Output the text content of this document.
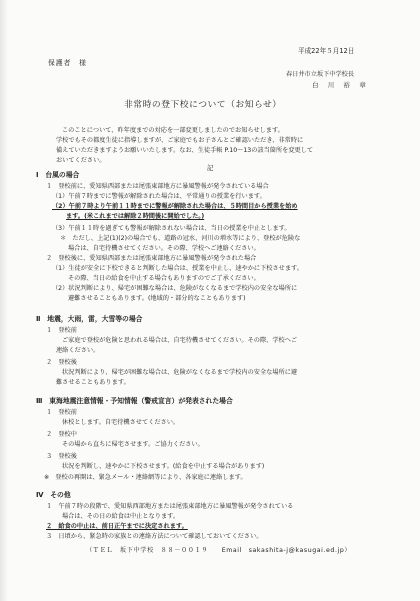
平成22年５月12日
保護者　様
春日井市立坂下中学校長
白　川　裕　章
非常時の登下校について（お知らせ）
このことについて、昨年度までの対応を一部変更しましたのでお知らせします。
学校でもその都度生徒に指導しますが、ご家庭でもお子さんとご確認いただき、非常時に
備えていただきますようお願いいたします。なお、生徒手帳 P.10～13の該当箇所を変更して
おいてください。
記
Ⅰ　台風の場合
１　登校前に、愛知県西部または尾張東部地方に暴風警報が発令されている場合
（1）午前７時までに警報が解除された場合は、平常通りの授業を行います。
（2）午前７時より午前１１時までに警報が解除された場合は、５時間目から授業を始め
ます。(米これまでは解除２時間後に開始でした。)
（3）午前１１時を過ぎても警報が解除されない場合は、当日の授業を中止とします。
＊　ただし、上記(1)(2)の場合でも、道路の冠水、河川の増水等により、登校が危険な
場合は、自宅待機させてください。その際、学校へご連絡ください。
２　登校後に、愛知県西部または尾張東部地方に暴風警報が発令された場合
（1）生徒が安全に下校できると判断した場合は、授業を中止し、速やかに下校させます。
その際、当日の給食を中止する場合もありますのでご了承ください。
（2）状況判断により、帰宅が困難な場合は、危険がなくなるまで学校内の安全な場所に
避難させることもあります。(地域的・部分的なこともあります)
Ⅱ　地震，大雨，雷，大雪等の場合
１　登校前
ご家庭で登校が危険と思われる場合は、自宅待機させてください。その際、学校へご
連絡ください。
２　登校後
状況判断により、帰宅が困難な場合は、危険がなくなるまで学校内の安全な場所に避
難させることもあります。
Ⅲ　東海地震注意情報・予知情報（警戒宣言）が発表された場合
１　登校前
休校とします。自宅待機させてください。
２　登校中
その場から直ちに帰宅させます。ご協力ください。
３　登校後
状況を判断し、速やかに下校させます。(給食を中止する場合があります)
※　登校の再開は、緊急メール・連絡網等により、各家庭に連絡します。
Ⅳ　その他
１　午前７時の段階で、愛知県西部地方または尾張東部地方に暴風警報が発令されている
場合は、その日の給食は中止となります。
２　給食の中止は、前日正午までに決定されます。
３　日頃から、緊急時の家族との連絡方法について確認しておいてください。
（ＴＥＬ　坂下中学校　８８－００１９　　Email　sakashita-j@kasugai.ed.jp）
